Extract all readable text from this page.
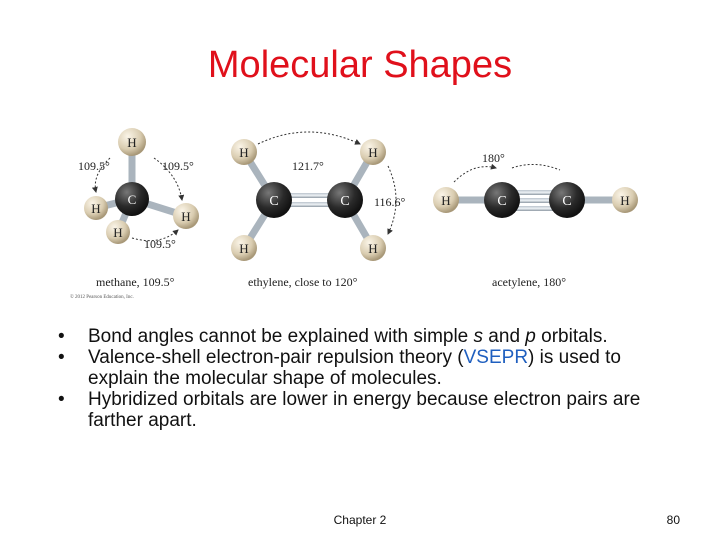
Molecular Shapes
H
H
H
C
H
109.5°	109.5°
109.5°
methane, 109.5°
© 2012 Pearson Education, Inc.
H
H
H
H
C	C
121.7°
116.6°
ethylene, close to 120°
H	H
C	C
180°
acetylene, 180°
• Bond angles cannot be explained with simple s and p orbitals.
• Valence-shell electron-pair repulsion theory (VSEPR) is used to explain the molecular shape of molecules.
• Hybridized orbitals are lower in energy because electron pairs are farther apart.
Chapter 2	80
